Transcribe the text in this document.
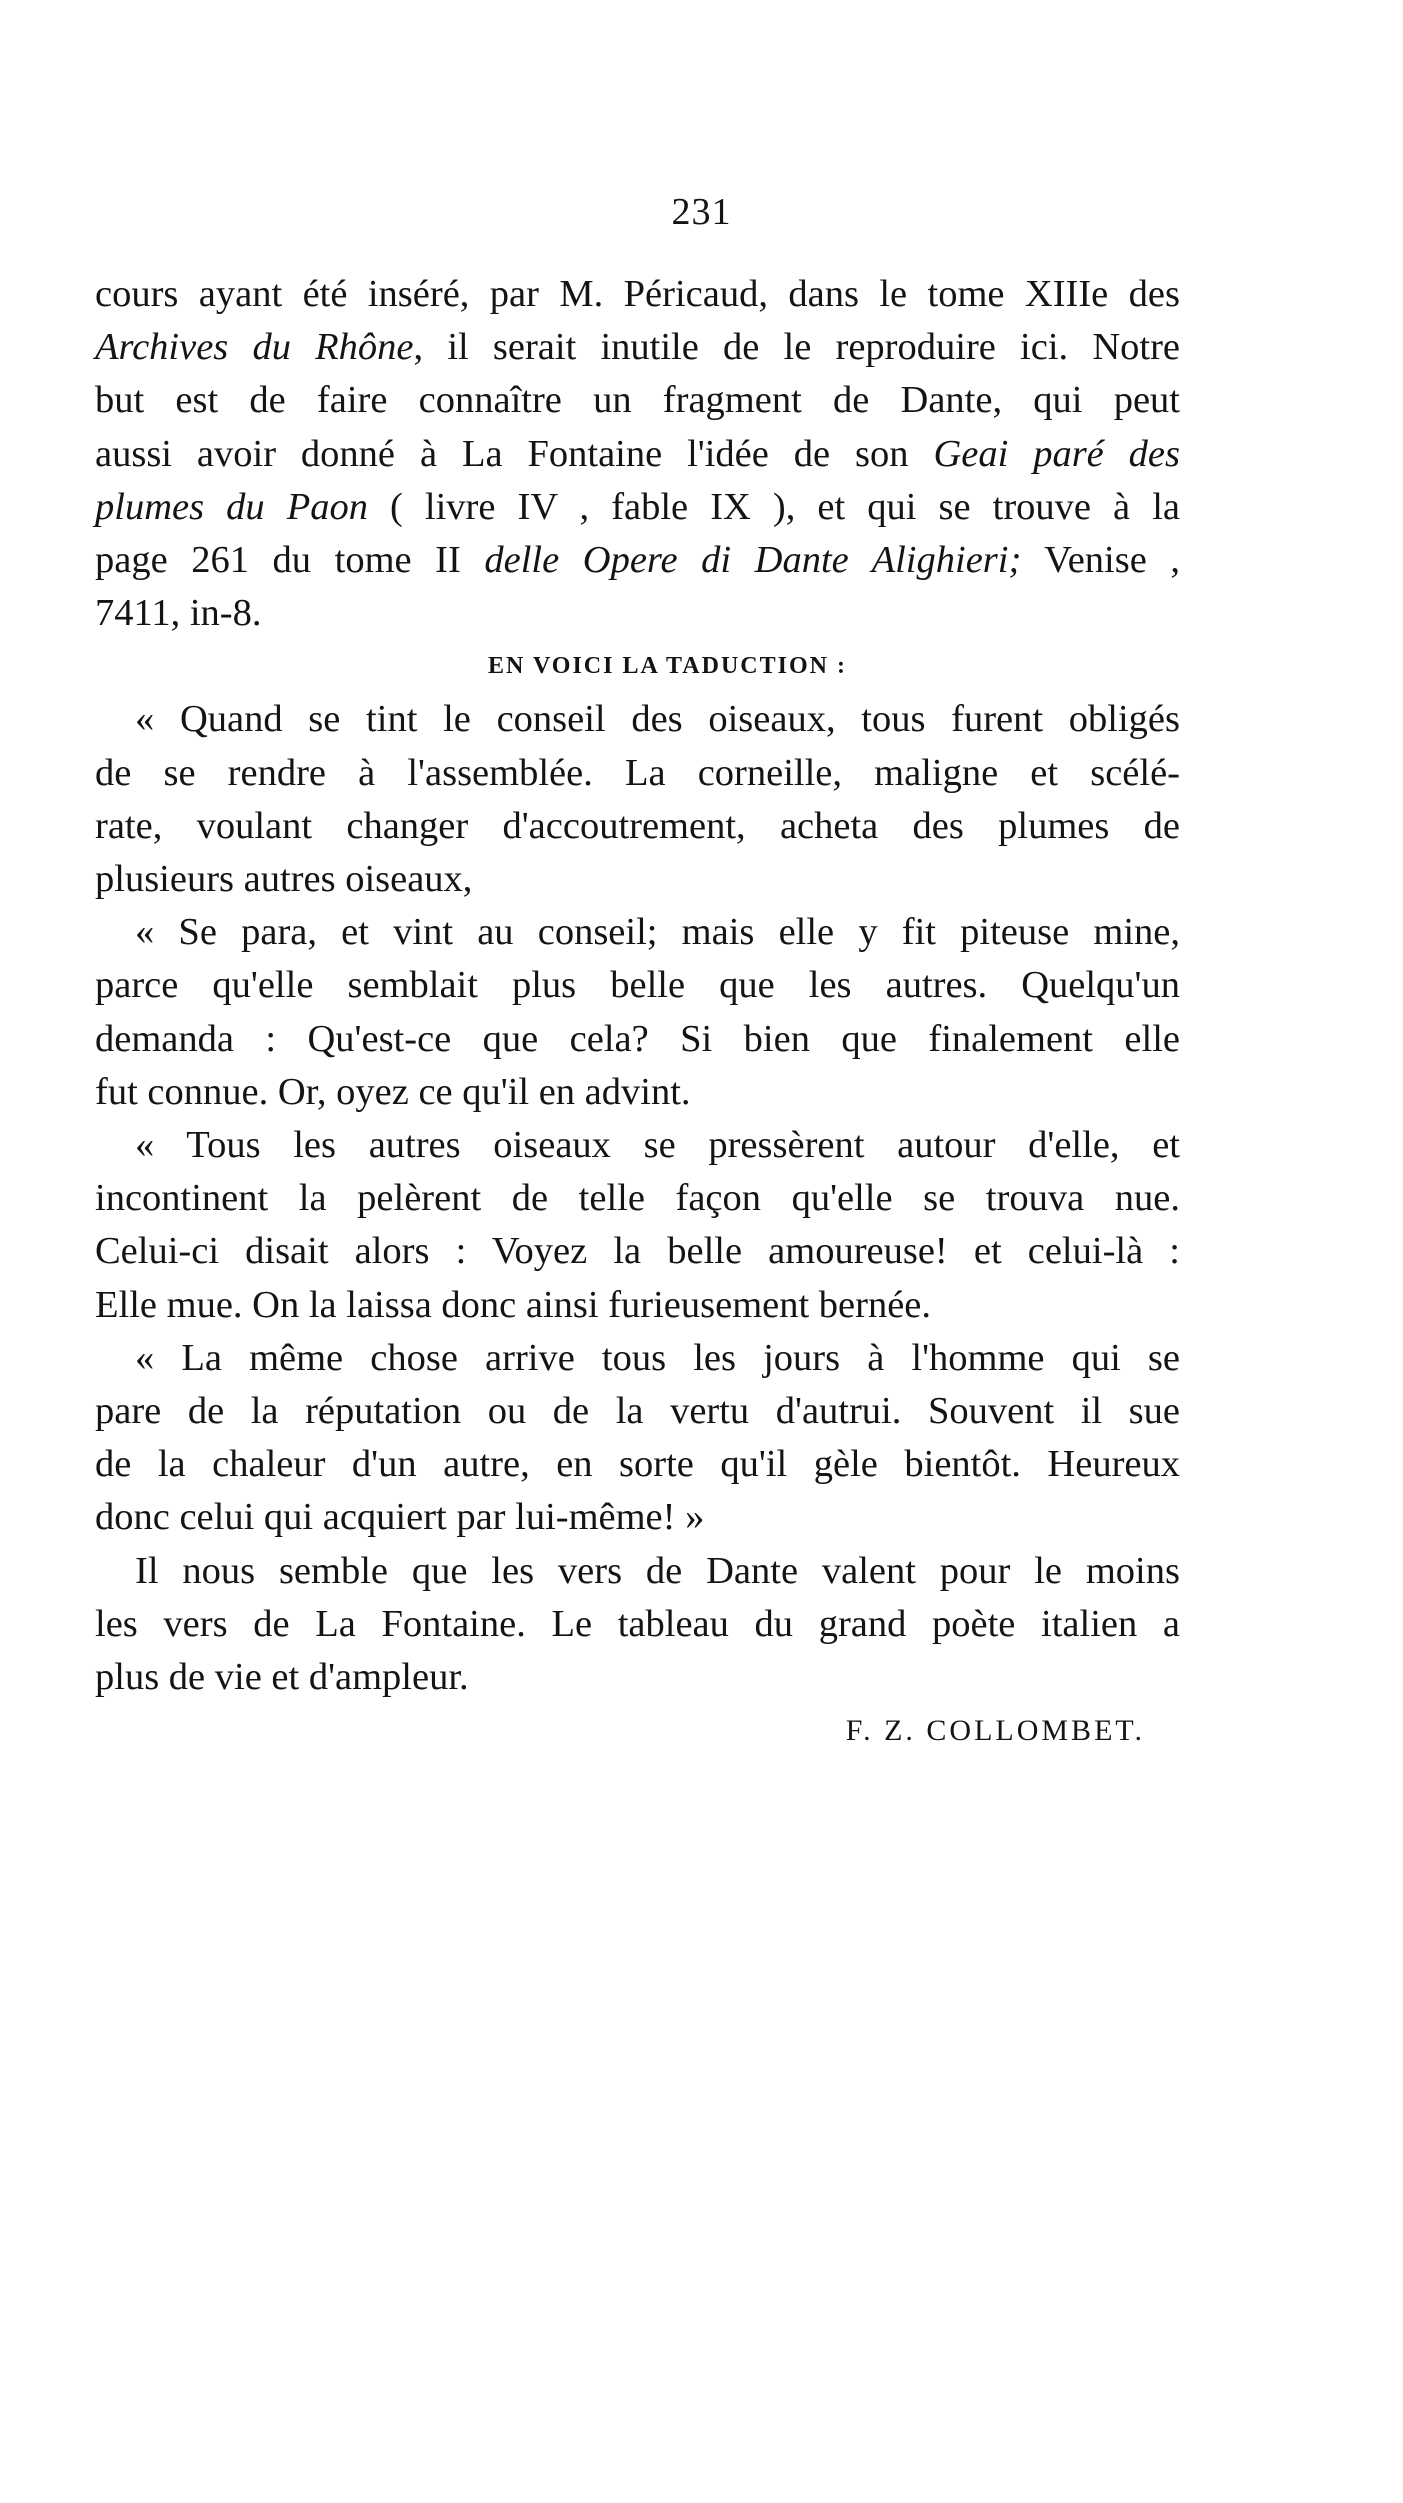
231
cours ayant été inséré, par M. Péricaud, dans le tome XIIIe des
Archives du Rhône, il serait inutile de le reproduire ici. Notre
but est de faire connaître un fragment de Dante, qui peut
aussi avoir donné à La Fontaine l'idée de son Geai paré des
plumes du Paon ( livre IV , fable IX ), et qui se trouve à la
page 261 du tome II delle Opere di Dante Alighieri; Venise ,
7411, in-8.
EN VOICI LA TADUCTION :
« Quand se tint le conseil des oiseaux, tous furent obligés
de se rendre à l'assemblée. La corneille, maligne et scélé-
rate, voulant changer d'accoutrement, acheta des plumes de
plusieurs autres oiseaux,
« Se para, et vint au conseil; mais elle y fit piteuse mine,
parce qu'elle semblait plus belle que les autres. Quelqu'un
demanda : Qu'est-ce que cela? Si bien que finalement elle
fut connue. Or, oyez ce qu'il en advint.
« Tous les autres oiseaux se pressèrent autour d'elle, et
incontinent la pelèrent de telle façon qu'elle se trouva nue.
Celui-ci disait alors : Voyez la belle amoureuse! et celui-là :
Elle mue. On la laissa donc ainsi furieusement bernée.
« La même chose arrive tous les jours à l'homme qui se
pare de la réputation ou de la vertu d'autrui. Souvent il sue
de la chaleur d'un autre, en sorte qu'il gèle bientôt. Heureux
donc celui qui acquiert par lui-même! »
Il nous semble que les vers de Dante valent pour le moins
les vers de La Fontaine. Le tableau du grand poète italien a
plus de vie et d'ampleur.
F. Z. COLLOMBET.
